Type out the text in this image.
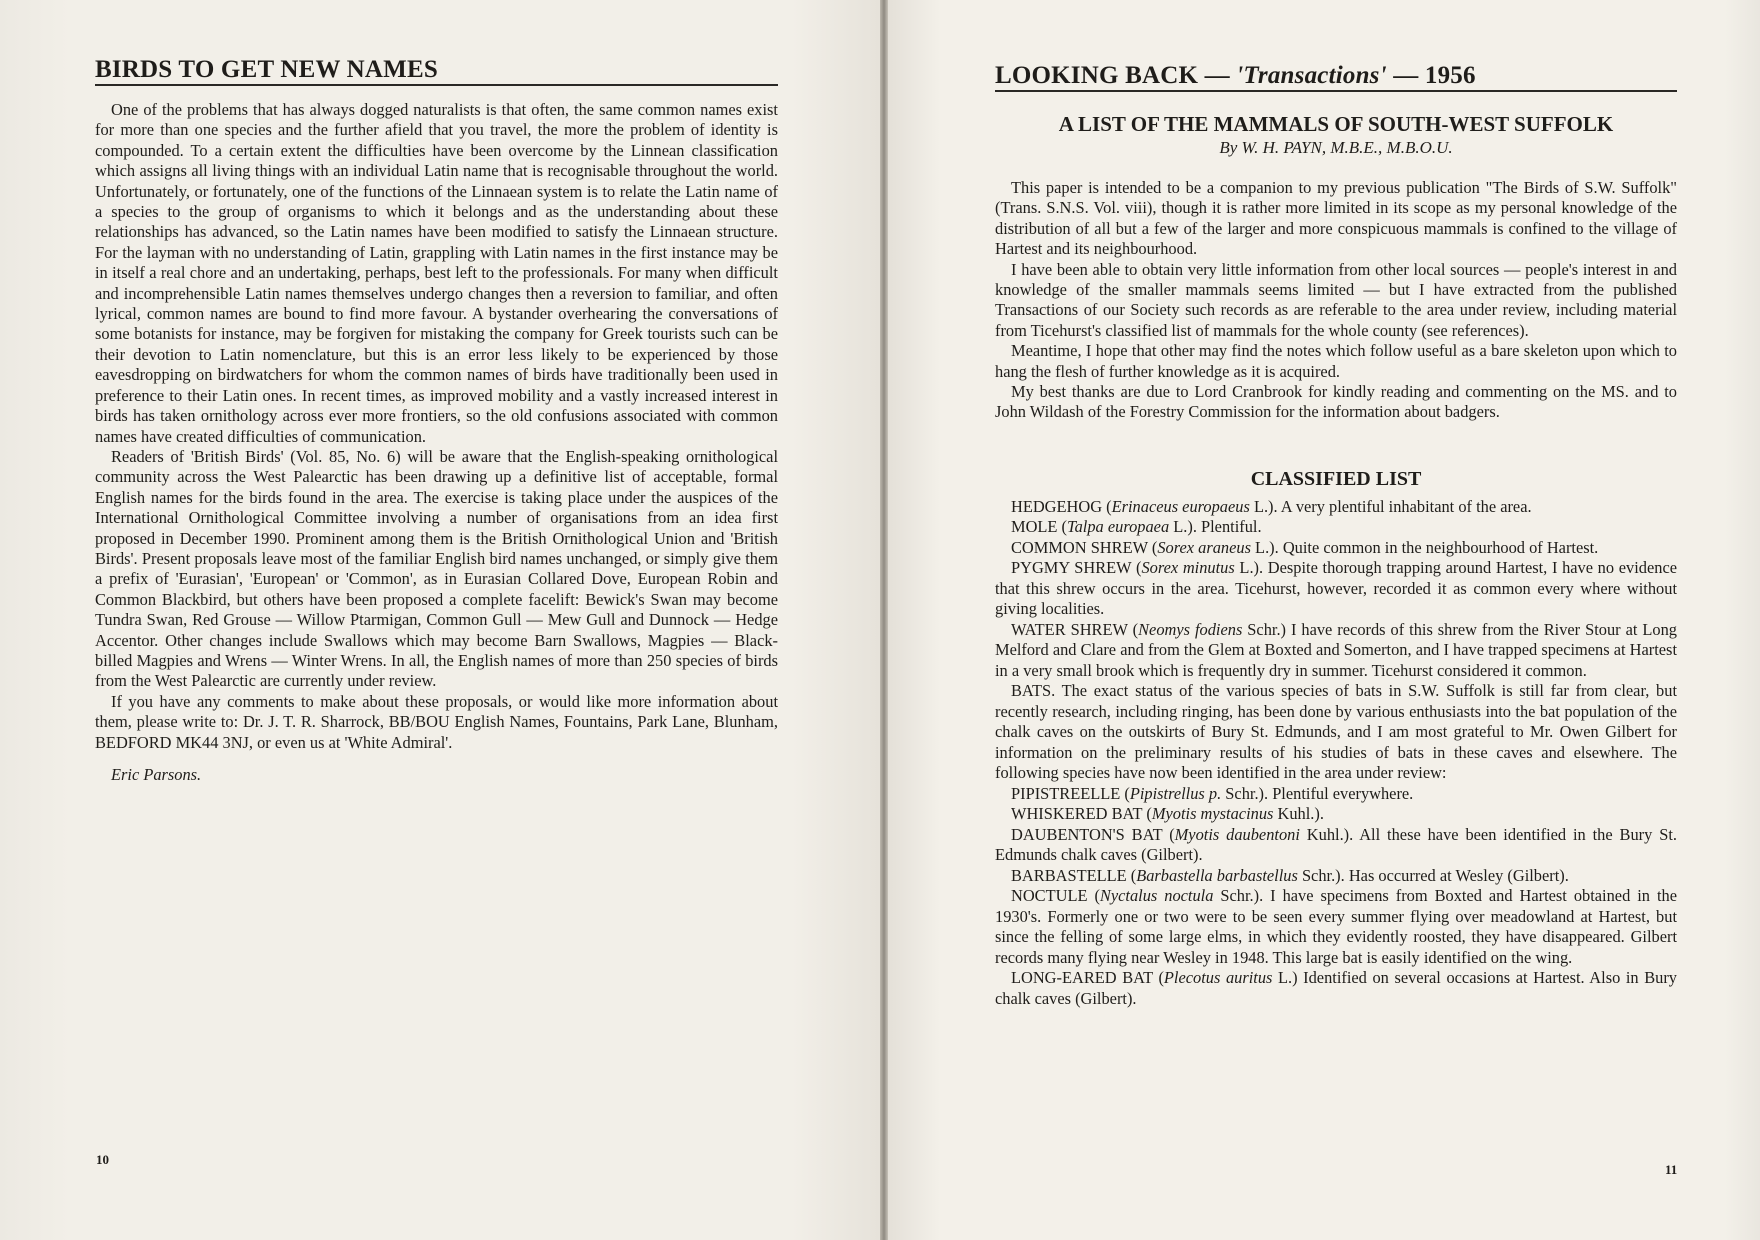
BIRDS TO GET NEW NAMES

One of the problems that has always dogged naturalists is that often, the same common names exist for more than one species and the further afield that you travel, the more the problem of identity is compounded. To a certain extent the difficulties have been overcome by the Linnean classification which assigns all living things with an individual Latin name that is recognisable throughout the world. Unfortunately, or fortunately, one of the functions of the Linnaean system is to relate the Latin name of a species to the group of organisms to which it belongs and as the understanding about these relationships has advanced, so the Latin names have been modified to satisfy the Linnaean structure. For the layman with no understanding of Latin, grappling with Latin names in the first instance may be in itself a real chore and an undertaking, perhaps, best left to the professionals. For many when difficult and incomprehensible Latin names themselves undergo changes then a reversion to familiar, and often lyrical, common names are bound to find more favour. A bystander overhearing the conversations of some botanists for instance, may be forgiven for mistaking the company for Greek tourists such can be their devotion to Latin nomenclature, but this is an error less likely to be experienced by those eavesdropping on birdwatchers for whom the common names of birds have traditionally been used in preference to their Latin ones. In recent times, as improved mobility and a vastly increased interest in birds has taken ornithology across ever more frontiers, so the old confusions associated with common names have created difficulties of communication.

Readers of 'British Birds' (Vol. 85, No. 6) will be aware that the English-speaking ornithological community across the West Palearctic has been drawing up a definitive list of acceptable, formal English names for the birds found in the area. The exercise is taking place under the auspices of the International Ornithological Committee involving a number of organisations from an idea first proposed in December 1990. Prominent among them is the British Ornithological Union and 'British Birds'. Present proposals leave most of the familiar English bird names unchanged, or simply give them a prefix of 'Eurasian', 'European' or 'Common', as in Eurasian Collared Dove, European Robin and Common Blackbird, but others have been proposed a complete facelift: Bewick's Swan may become Tundra Swan, Red Grouse — Willow Ptarmigan, Common Gull — Mew Gull and Dunnock — Hedge Accentor. Other changes include Swallows which may become Barn Swallows, Magpies — Black-billed Magpies and Wrens — Winter Wrens. In all, the English names of more than 250 species of birds from the West Palearctic are currently under review.

If you have any comments to make about these proposals, or would like more information about them, please write to: Dr. J. T. R. Sharrock, BB/BOU English Names, Fountains, Park Lane, Blunham, BEDFORD MK44 3NJ, or even us at 'White Admiral'.

Eric Parsons.
10
LOOKING BACK — 'Transactions' — 1956
A LIST OF THE MAMMALS OF SOUTH-WEST SUFFOLK
By W. H. PAYN, M.B.E., M.B.O.U.

This paper is intended to be a companion to my previous publication "The Birds of S.W. Suffolk" (Trans. S.N.S. Vol. viii), though it is rather more limited in its scope as my personal knowledge of the distribution of all but a few of the larger and more conspicuous mammals is confined to the village of Hartest and its neighbourhood.

I have been able to obtain very little information from other local sources — people's interest in and knowledge of the smaller mammals seems limited — but I have extracted from the published Transactions of our Society such records as are referable to the area under review, including material from Ticehurst's classified list of mammals for the whole county (see references).

Meantime, I hope that other may find the notes which follow useful as a bare skeleton upon which to hang the flesh of further knowledge as it is acquired.

My best thanks are due to Lord Cranbrook for kindly reading and commenting on the MS. and to John Wildash of the Forestry Commission for the information about badgers.

CLASSIFIED LIST

HEDGEHOG (Erinaceus europaeus L.). A very plentiful inhabitant of the area.

MOLE (Talpa europaea L.). Plentiful.

COMMON SHREW (Sorex araneus L.). Quite common in the neighbourhood of Hartest.

PYGMY SHREW (Sorex minutus L.). Despite thorough trapping around Hartest, I have no evidence that this shrew occurs in the area. Ticehurst, however, recorded it as common every where without giving localities.

WATER SHREW (Neomys fodiens Schr.) I have records of this shrew from the River Stour at Long Melford and Clare and from the Glem at Boxted and Somerton, and I have trapped specimens at Hartest in a very small brook which is frequently dry in summer. Ticehurst considered it common.

BATS. The exact status of the various species of bats in S.W. Suffolk is still far from clear, but recently research, including ringing, has been done by various enthusiasts into the bat population of the chalk caves on the outskirts of Bury St. Edmunds, and I am most grateful to Mr. Owen Gilbert for information on the preliminary results of his studies of bats in these caves and elsewhere. The following species have now been identified in the area under review:

PIPISTREELLE (Pipistrellus p. Schr.). Plentiful everywhere.

WHISKERED BAT (Myotis mystacinus Kuhl.).

DAUBENTON'S BAT (Myotis daubentoni Kuhl.). All these have been identified in the Bury St. Edmunds chalk caves (Gilbert).

BARBASTELLE (Barbastella barbastellus Schr.). Has occurred at Wesley (Gilbert).

NOCTULE (Nyctalus noctula Schr.). I have specimens from Boxted and Hartest obtained in the 1930's. Formerly one or two were to be seen every summer flying over meadowland at Hartest, but since the felling of some large elms, in which they evidently roosted, they have disappeared. Gilbert records many flying near Wesley in 1948. This large bat is easily identified on the wing.

LONG-EARED BAT (Plecotus auritus L.) Identified on several occasions at Hartest. Also in Bury chalk caves (Gilbert).

11
